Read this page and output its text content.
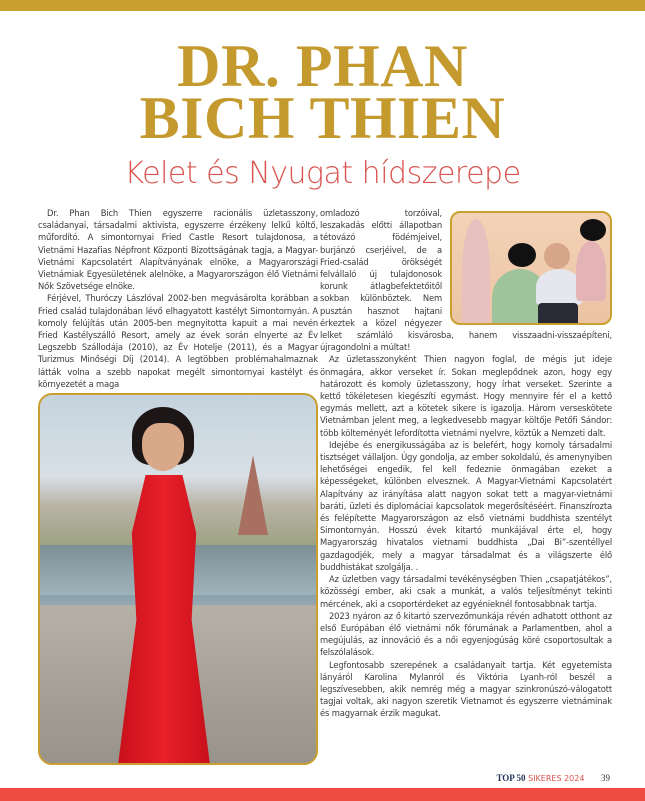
DR. PHAN
BICH THIEN
Kelet és Nyugat hídszerepe

Dr. Phan Bich Thien egyszerre racionális üzletasszony, családanyai, társadalmi aktivista, egyszerre érzékeny lelkű költő, műfordító. A simontornyai Fried Castle Resort tulajdonosa, a Vietnámi Hazafias Népfront Központi Bizottságának tagja, a Magyar-Vietnámi Kapcsolatért Alapítványának elnöke, a Magyarországi Vietnámiak Egyesületének alelnöke, a Magyarországon élő Vietnámi Nők Szövetsége elnöke.

Férjével, Thuróczy Lászlóval 2002-ben megvásárolta korábban a Fried család tulajdonában lévő elhagyatott kastélyt Simontornyán. A komoly felújítás után 2005-ben megnyitotta kapuit a mai nevén Fried Kastélyszálló Resort, amely az évek során elnyerte az Év Legszebb Szállodája (2010), az Év Hotelje (2011), és a Magyar Turizmus Minőségi Díj (2014). A legtöbben problémahalmaznak látták volna a szebb napokat megélt simontornyai kastélyt és környezetét a maga

omladozó torzóival, leszakadás előtti állapotban tétovázó födémjeivel, burjánzó cserjéivel, de a Fried-család örökségét felvállaló új tulajdonosok korunk átlagbefektetőitől sokban különböztek. Nem pusztán hasznot hajtani érkeztek a közel négyezer lelket számláló kisvárosba, hanem visszaadni-visszaépíteni, újragondolni a múltat!

Az üzletasszonyként Thien nagyon foglal, de mégis jut ideje önmagára, akkor verseket ír. Sokan meglepődnek azon, hogy egy határozott és komoly üzletasszony, hogy írhat verseket. Szerinte a kettő tökéletesen kiegészíti egymást. Hogy mennyire fér el a kettő egymás mellett, azt a kötetek sikere is igazolja. Három verseskötete Vietnámban jelent meg, a legkedvesebb magyar költője Petőfi Sándor: több költeményét lefordította vietnámi nyelvre, köztük a Nemzeti dalt.

Idejébe és energikusságába az is belefért, hogy komoly társadalmi tisztséget vállaljon. Úgy gondolja, az ember sokoldalú, és amenynyiben lehetőségei engedik, fel kell fedeznie önmagában ezeket a képességeket, különben elvesznek. A Magyar-Vietnámi Kapcsolatért Alapítvány az irányítása alatt nagyon sokat tett a magyar-vietnámi baráti, üzleti és diplomáciai kapcsolatok megerősítéséért. Finanszírozta és felépítette Magyarországon az első vietnámi buddhista szentélyt Simontornyán. Hosszú évek kitartó munkájával érte el, hogy Magyarország hivatalos vietnami buddhista „Dai Bi”-szentéllyel gazdagodjék, mely a magyar társadalmat és a világszerte élő buddhistákat szolgálja. .

Az üzletben vagy társadalmi tevékénységben Thien „csapatjátékos”, közösségi ember, aki csak a munkát, a valós teljesítményt tekinti mércének, aki a csoportérdeket az egyénieknél fontosabbnak tartja.

2023 nyáron az ő kitartó szervezőmunkája révén adhatott otthont az első Európában élő vietnámi nők fórumának a Parlamentben, ahol a megújulás, az innováció és a női egyenjogúság köré csoportosultak a felszólalások.

Legfontosabb szerepének a családanyait tartja. Két egyetemista lányáról Karolina Mylanról és Viktória Lyanh-ról beszél a legszívesebben, akik nemrég még a magyar szinkronúszó-válogatott tagjai voltak, aki nagyon szeretik Vietnamot és egyszerre vietnáminak és magyarnak érzik magukat.

TOP 50 SIKERES 2024 39
